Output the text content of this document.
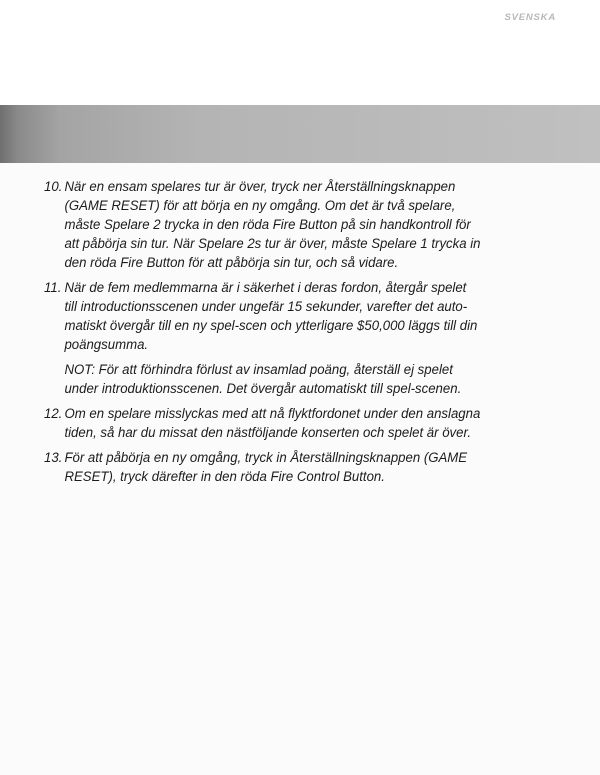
SVENSKA
10. När en ensam spelares tur är över, tryck ner Återställningsknappen
(GAME RESET) för att börja en ny omgång. Om det är två spelare,
måste Spelare 2 trycka in den röda Fire Button på sin handkontroll för
att påbörja sin tur. När Spelare 2s tur är över, måste Spelare 1 trycka in
den röda Fire Button för att påbörja sin tur, och så vidare.
11. När de fem medlemmarna är i säkerhet i deras fordon, återgår spelet
till introductionsscenen under ungefär 15 sekunder, varefter det auto-
matiskt övergår till en ny spel-scen och ytterligare $50,000 läggs till din
poängsumma.
NOT: För att förhindra förlust av insamlad poäng, återställ ej spelet
under introduktionsscenen. Det övergår automatiskt till spel-scenen.
12. Om en spelare misslyckas med att nå flyktfordonet under den anslagna
tiden, så har du missat den nästföljande konserten och spelet är över.
13. För att påbörja en ny omgång, tryck in Återställningsknappen (GAME
RESET), tryck därefter in den röda Fire Control Button.
